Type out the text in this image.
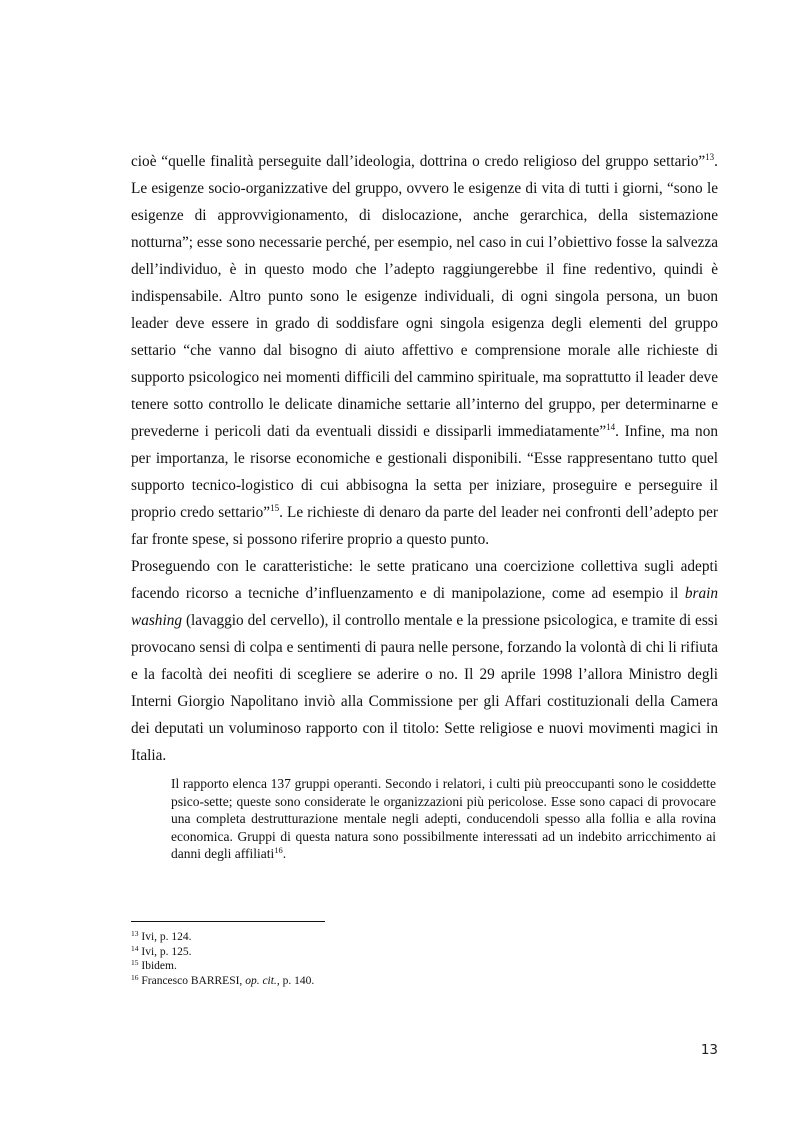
cioè “quelle finalità perseguite dall’ideologia, dottrina o credo religioso del gruppo settario”$^{13}$. Le esigenze socio-organizzative del gruppo, ovvero le esigenze di vita di tutti i giorni, “sono le esigenze di approvvigionamento, di dislocazione, anche gerarchica, della sistemazione notturna”; esse sono necessarie perché, per esempio, nel caso in cui l’obiettivo fosse la salvezza dell’individuo, è in questo modo che l’adepto raggiungerebbe il fine redentivo, quindi è indispensabile. Altro punto sono le esigenze individuali, di ogni singola persona, un buon leader deve essere in grado di soddisfare ogni singola esigenza degli elementi del gruppo settario “che vanno dal bisogno di aiuto affettivo e comprensione morale alle richieste di supporto psicologico nei momenti difficili del cammino spirituale, ma soprattutto il leader deve tenere sotto controllo le delicate dinamiche settarie all’interno del gruppo, per determinarne e prevederne i pericoli dati da eventuali dissidi e dissiparli immediatamente”$^{14}$. Infine, ma non per importanza, le risorse economiche e gestionali disponibili. “Esse rappresentano tutto quel supporto tecnico-logistico di cui abbisogna la setta per iniziare, proseguire e perseguire il proprio credo settario”$^{15}$. Le richieste di denaro da parte del leader nei confronti dell’adepto per far fronte spese, si possono riferire proprio a questo punto.

Proseguendo con le caratteristiche: le sette praticano una coercizione collettiva sugli adepti facendo ricorso a tecniche d’influenzamento e di manipolazione, come ad esempio il brain washing (lavaggio del cervello), il controllo mentale e la pressione psicologica, e tramite di essi provocano sensi di colpa e sentimenti di paura nelle persone, forzando la volontà di chi li rifiuta e la facoltà dei neofiti di scegliere se aderire o no. Il 29 aprile 1998 l’allora Ministro degli Interni Giorgio Napolitano inviò alla Commissione per gli Affari costituzionali della Camera dei deputati un voluminoso rapporto con il titolo: Sette religiose e nuovi movimenti magici in Italia.

Il rapporto elenca 137 gruppi operanti. Secondo i relatori, i culti più preoccupanti sono le cosiddette psico-sette; queste sono considerate le organizzazioni più pericolose. Esse sono capaci di provocare una completa destrutturazione mentale negli adepti, conducendoli spesso alla follia e alla rovina economica. Gruppi di questa natura sono possibilmente interessati ad un indebito arricchimento ai danni degli affiliati$^{16}$.

$^{13}$ Ivi, p. 124.
$^{14}$ Ivi, p. 125.
$^{15}$ Ibidem.
$^{16}$ Francesco BARRESI, op. cit., p. 140.
13
